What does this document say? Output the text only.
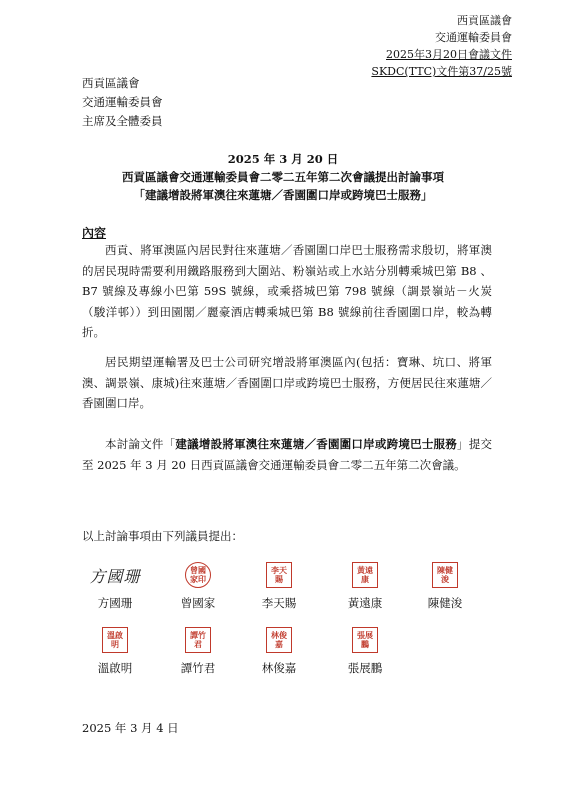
西貢區議會
交通運輸委員會
2025年3月20日會議文件
SKDC(TTC)文件第37/25號
西貢區議會
交通運輸委員會
主席及全體委員
2025 年 3 月 20 日
西貢區議會交通運輸委員會二零二五年第二次會議提出討論事項
「建議增設將軍澳往來蓮塘／香園圍口岸或跨境巴士服務」
內容
西貢、將軍澳區內居民對往來蓮塘／香園圍口岸巴士服務需求殷切，將軍澳的居民現時需要利用鐵路服務到大圍站、粉嶺站或上水站分別轉乘城巴第 B8 、B7 號線及專線小巴第 59S 號線，或乘搭城巴第 798 號線（調景嶺站－火炭（駿洋邨））到田園閣／麗豪酒店轉乘城巴第 B8 號線前往香園圍口岸，較為轉折。
居民期望運輸署及巴士公司研究增設將軍澳區內(包括：寶琳、坑口、將軍澳、調景嶺、康城)往來蓮塘／香園圍口岸或跨境巴士服務，方便居民往來蓮塘／香園圍口岸。
本討論文件「建議增設將軍澳往來蓮塘／香園圍口岸或跨境巴士服務」提交至 2025 年 3 月 20 日西貢區議會交通運輸委員會二零二五年第二次會議。
以上討論事項由下列議員提出：
方國珊
方國珊
曾國
家印
曾國家
李天
賜
李天賜
黃遠
康
黃遠康
陳健
浚
陳健浚
溫啟
明
溫啟明
譚竹
君
譚竹君
林俊
嘉
林俊嘉
張展
鵬
張展鵬
2025 年 3 月 4 日
